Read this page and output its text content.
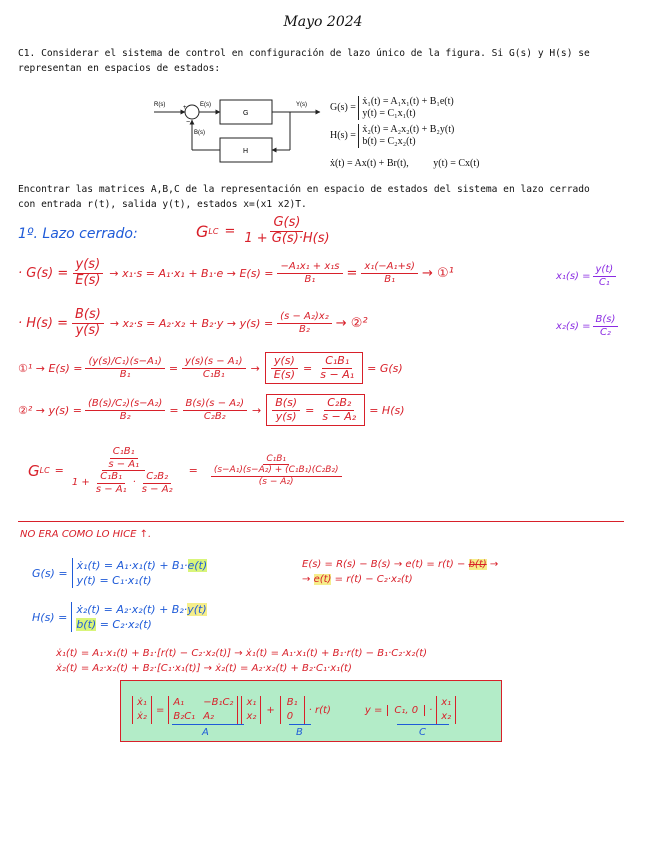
Mayo 2024
C1. Considerar el sistema de control en configuración de lazo único de la figura. Si G(s) y H(s) se
representan en espacios de estados:
R(s)	E(s)	Y(s)
B(s)
+
−
G
H
G(s) =
ẋ₁(t) = A₁x₁(t) + B₁e(t)
y(t) = C₁x₁(t)
H(s) =
ẋ₂(t) = A₂x₂(t) + B₂y(t)
b(t) = C₂x₂(t)
ẋ(t) = Ax(t) + Br(t), y(t) = Cx(t)
Encontrar las matrices A,B,C de la representación en espacio de estados del sistema en lazo cerrado
con entrada r(t), salida y(t), estados x=(x1 x2)T.
1º. Lazo cerrado:	G LC = $\frac{G(s)}{1 + G(s)\cdot H(s)}$
· $G(s) = \frac{y(s)}{E(s)} \to x_1\cdot s = A_1\cdot x_1 + B_1\cdot e \to E(s) = \frac{\text{−A₁x₁ + x₁s}}{\text{B₁}} = \frac{\text{x₁(−A₁+s)}}{\text{B₁}}$ → ①¹	$x_1(s) = \frac{y(t)}{\text{C₁}}$
· $H(s) = \frac{B(s)}{y(s)} \to x_2\cdot s = A_2\cdot x_2 + B_2\cdot y \to y(s) = \frac{\text{(s − A₂)x₂}}{\text{B₂}}$ → ②²	$x_2(s) = \frac{B(s)}{\text{C₂}}$
①¹ → $E(s) = \frac{\text{(y(s)/C₁)(s−A₁)}}{\text{B₁}} = \frac{\text{y(s)(s − A₁)}}{\text{C₁B₁}} \to \frac{y(s)}{E(s)} = \frac{\text{C₁B₁}}{\text{s − A₁}} = G(s)$
②² → $y(s) = \frac{\text{(B(s)/C₂)(s−A₂)}}{\text{B₂}} = \frac{\text{B(s)(s − A₂)}}{\text{C₂B₂}} \to \frac{B(s)}{y(s)} = \frac{\text{C₂B₂}}{\text{s − A₂}} = H(s)$
G LC = $\frac{\frac{\text{C₁B₁}}{\text{s − A₁}}}{1 + \frac{\text{C₁B₁}}{\text{s − A₁}} \cdot \frac{\text{C₂B₂}}{\text{s − A₂}}} = \frac{\text{C₁B₁}}{\frac{\text{(s−A₁)(s−A₂) + (C₁B₁)(C₂B₂)}}{\text{(s − A₂)}}}$
NO ERA COMO LO HICE ↑.
G(s) =
ẋ₁(t) = A₁·x₁(t) + B₁·e(t)
y(t) = C₁·x₁(t)
E(s) = R(s) − B(s) → e(t) = r(t) − b(t) →
→ e(t) = r(t) − C₂·x₂(t)
H(s) =
ẋ₂(t) = A₂·x₂(t) + B₂·y(t)
b(t) = C₂·x₂(t)
ẋ₁(t) = A₁·x₁(t) + B₁·[r(t) − C₂·x₂(t)] → ẋ₁(t) = A₁·x₁(t) + B₁·r(t) − B₁·C₂·x₂(t)
ẋ₂(t) = A₂·x₂(t) + B₂·[C₁·x₁(t)] → ẋ₂(t) = A₂·x₂(t) + B₂·C₁·x₁(t)
ẋ₁
ẋ₂
=
A₁	−B₁C₂
B₂C₁ A₂
x₁
x₂
+
B₁
0
· r(t)	y =	C₁, 0	·
x₁
x₂
A	B	C
